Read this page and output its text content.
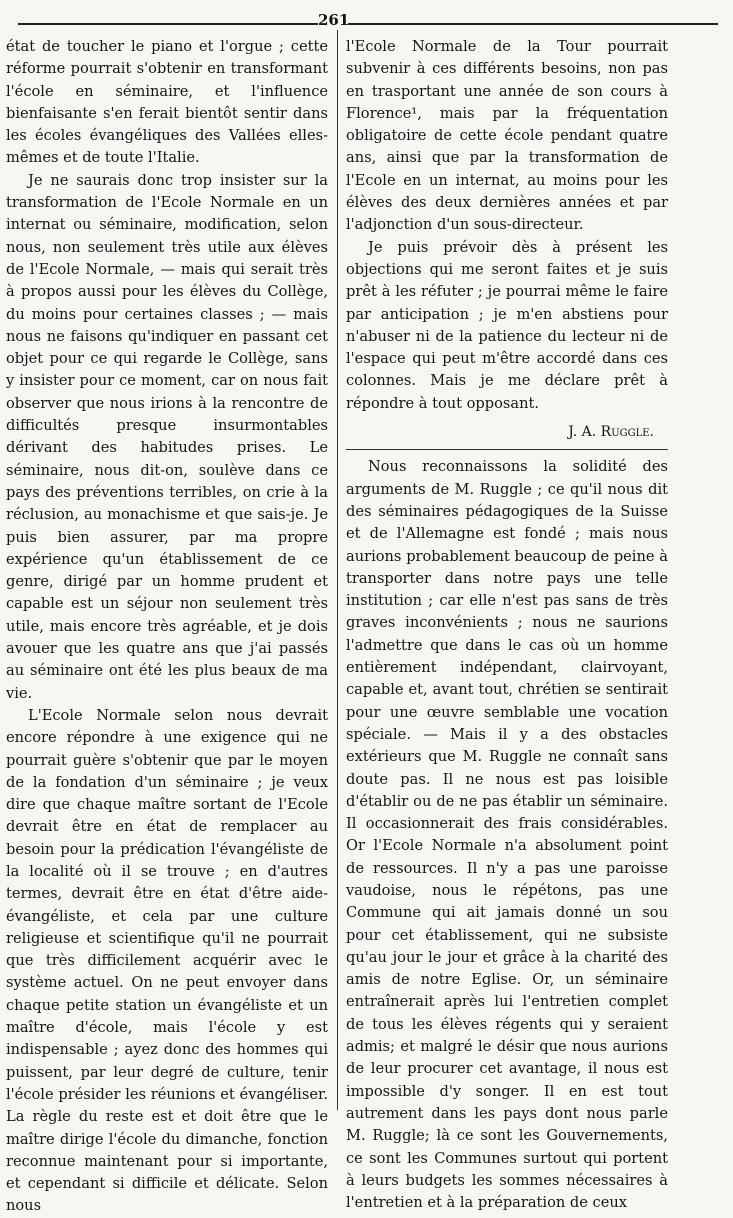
261

état de toucher le piano et l'orgue ; cette réforme pourrait s'obtenir en transformant l'école en séminaire, et l'influence bienfaisante s'en ferait bientôt sentir dans les écoles évangéliques des Vallées elles-mêmes et de toute l'Italie.

Je ne saurais donc trop insister sur la transformation de l'Ecole Normale en un internat ou séminaire, modification, selon nous, non seulement très utile aux élèves de l'Ecole Normale, — mais qui serait très à propos aussi pour les élèves du Collège, du moins pour certaines classes ; — mais nous ne faisons qu'indiquer en passant cet objet pour ce qui regarde le Collège, sans y insister pour ce moment, car on nous fait observer que nous irions à la rencontre de difficultés presque insurmontables dérivant des habitudes prises. Le séminaire, nous dit-on, soulève dans ce pays des préventions terribles, on crie à la réclusion, au monachisme et que sais-je. Je puis bien assurer, par ma propre expérience qu'un établissement de ce genre, dirigé par un homme prudent et capable est un séjour non seulement très utile, mais encore très agréable, et je dois avouer que les quatre ans que j'ai passés au séminaire ont été les plus beaux de ma vie.

L'Ecole Normale selon nous devrait encore répondre à une exigence qui ne pourrait guère s'obtenir que par le moyen de la fondation d'un séminaire ; je veux dire que chaque maître sortant de l'Ecole devrait être en état de remplacer au besoin pour la prédication l'évangéliste de la localité où il se trouve ; en d'autres termes, devrait être en état d'être aide-évangéliste, et cela par une culture religieuse et scientifique qu'il ne pourrait que très difficilement acquérir avec le système actuel. On ne peut envoyer dans chaque petite station un évangéliste et un maître d'école, mais l'école y est indispensable ; ayez donc des hommes qui puissent, par leur degré de culture, tenir l'école présider les réunions et évangéliser. La règle du reste est et doit être que le maître dirige l'école du dimanche, fonction reconnue maintenant pour si importante, et cependant si difficile et délicate. Selon nous

l'Ecole Normale de la Tour pourrait subvenir à ces différents besoins, non pas en trasportant une année de son cours à Florence¹, mais par la fréquentation obligatoire de cette école pendant quatre ans, ainsi que par la transformation de l'Ecole en un internat, au moins pour les élèves des deux dernières années et par l'adjonction d'un sous-directeur.

Je puis prévoir dès à présent les objections qui me seront faites et je suis prêt à les réfuter ; je pourrai même le faire par anticipation ; je m'en abstiens pour n'abuser ni de la patience du lecteur ni de l'espace qui peut m'être accordé dans ces colonnes. Mais je me déclare prêt à répondre à tout opposant.

J. A. Ruggle.

Nous reconnaissons la solidité des arguments de M. Ruggle ; ce qu'il nous dit des séminaires pédagogiques de la Suisse et de l'Allemagne est fondé ; mais nous aurions probablement beaucoup de peine à transporter dans notre pays une telle institution ; car elle n'est pas sans de très graves inconvénients ; nous ne saurions l'admettre que dans le cas où un homme entièrement indépendant, clairvoyant, capable et, avant tout, chrétien se sentirait pour une œuvre semblable une vocation spéciale. — Mais il y a des obstacles extérieurs que M. Ruggle ne connaît sans doute pas. Il ne nous est pas loisible d'établir ou de ne pas établir un séminaire. Il occasionnerait des frais considérables. Or l'Ecole Normale n'a absolument point de ressources. Il n'y a pas une paroisse vaudoise, nous le répétons, pas une Commune qui ait jamais donné un sou pour cet établissement, qui ne subsiste qu'au jour le jour et grâce à la charité des amis de notre Eglise. Or, un séminaire entraînerait après lui l'entretien complet de tous les élèves régents qui y seraient admis; et malgré le désir que nous aurions de leur procurer cet avantage, il nous est impossible d'y songer. Il en est tout autrement dans les pays dont nous parle M. Ruggle; là ce sont les Gouvernements, ce sont les Communes surtout qui portent à leurs budgets les sommes nécessaires à l'entretien et à la préparation de ceux
